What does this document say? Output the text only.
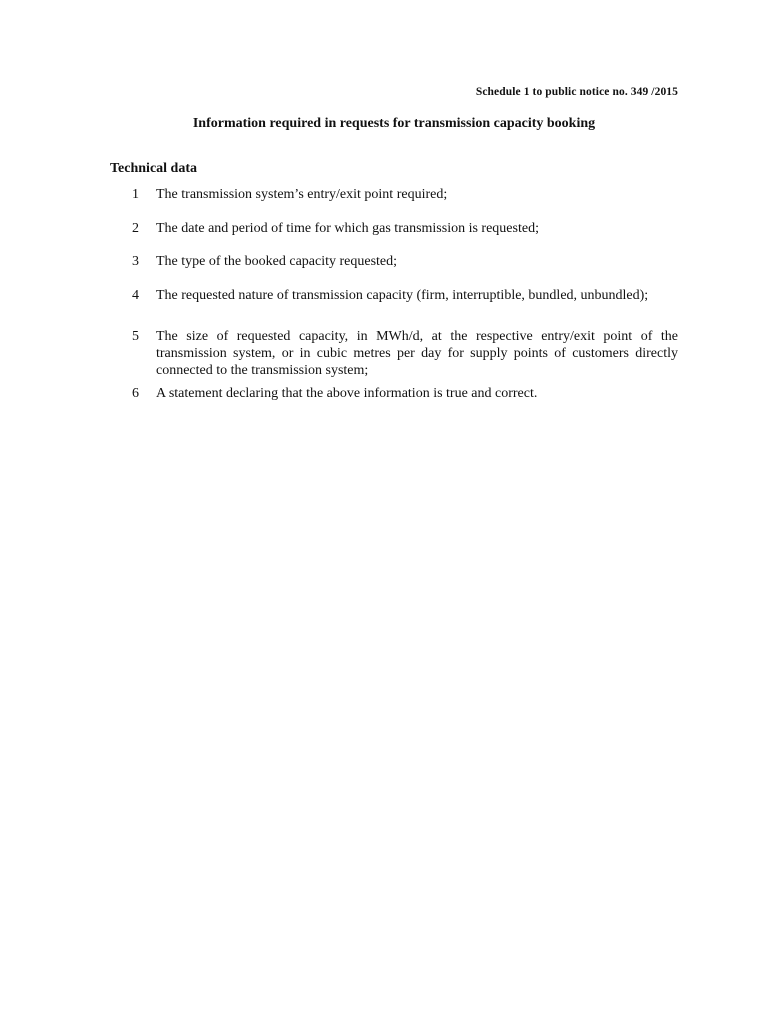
Schedule 1 to public notice no. 349 /2015
Information required in requests for transmission capacity booking
Technical data
1 The transmission system’s entry/exit point required;
2 The date and period of time for which gas transmission is requested;
3 The type of the booked capacity requested;
4 The requested nature of transmission capacity (firm, interruptible, bundled, unbundled);
5 The size of requested capacity, in MWh/d, at the respective entry/exit point of the transmission system, or in cubic metres per day for supply points of customers directly connected to the transmission system;
6 A statement declaring that the above information is true and correct.
